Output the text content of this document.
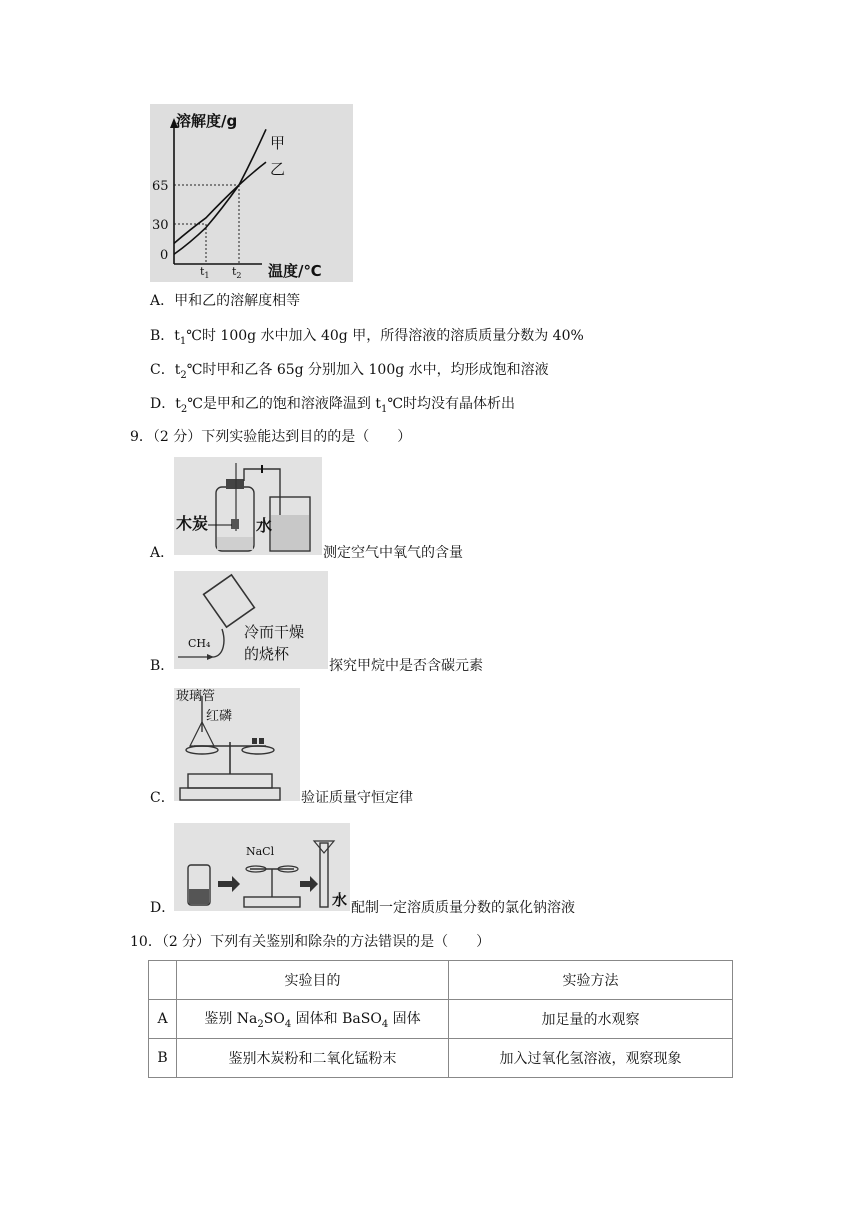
溶解度/g
甲
乙
65
30
0
$t_1$ $t_2$ 温度/℃
A．甲和乙的溶解度相等
B．$t_1℃$时 100g 水中加入 40g 甲，所得溶液的溶质质量分数为 40%
C．$t_2℃$时甲和乙各 65g 分别加入 100g 水中，均形成饱和溶液
D．$t_2℃$是甲和乙的饱和溶液降温到 $t_1℃$时均没有晶体析出
9．（2 分）下列实验能达到目的的是（　　）
木炭	水
A．	测定空气中氧气的含量
CH₄
冷而干燥
的烧杯
B．	探究甲烷中是否含碳元素
玻璃管
红磷
C．	验证质量守恒定律
NaCl
水
D．	配制一定溶质质量分数的氯化钠溶液
10．（2 分）下列有关鉴别和除杂的方法错误的是（　　）
	实验目的	实验方法
A	鉴别 $Na_2SO_4$ 固体和 BaSO$_4$ 固体	加足量的水观察
B	鉴别木炭粉和二氧化锰粉末	加入过氧化氢溶液，观察现象
